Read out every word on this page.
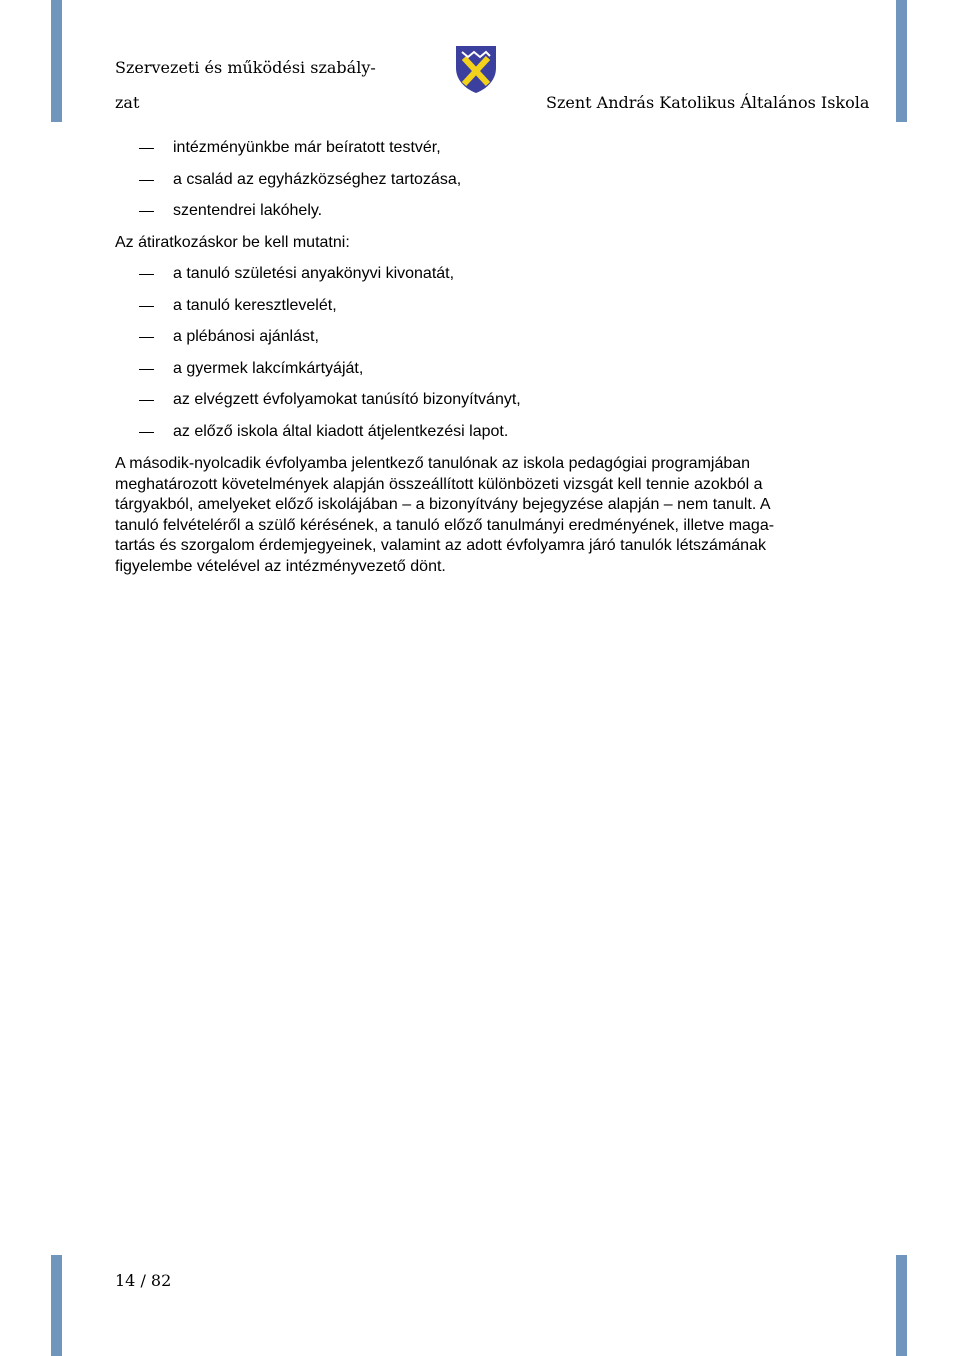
Szervezeti és működési szabály-
zat	Szent András Katolikus Általános Iskola
intézményünkbe már beíratott testvér,
a család az egyházközséghez tartozása,
szentendrei lakóhely.
Az átiratkozáskor be kell mutatni:
a tanuló születési anyakönyvi kivonatát,
a tanuló keresztlevelét,
a plébánosi ajánlást,
a gyermek lakcímkártyáját,
az elvégzett évfolyamokat tanúsító bizonyítványt,
az előző iskola által kiadott átjelentkezési lapot.
A második-nyolcadik évfolyamba jelentkező tanulónak az iskola pedagógiai programjában
meghatározott követelmények alapján összeállított különbözeti vizsgát kell tennie azokból a
tárgyakból, amelyeket előző iskolájában – a bizonyítvány bejegyzése alapján – nem tanult. A
tanuló felvételéről a szülő kérésének, a tanuló előző tanulmányi eredményének, illetve maga-
tartás és szorgalom érdemjegyeinek, valamint az adott évfolyamra járó tanulók létszámának
figyelembe vételével az intézményvezető dönt.
14 / 82
